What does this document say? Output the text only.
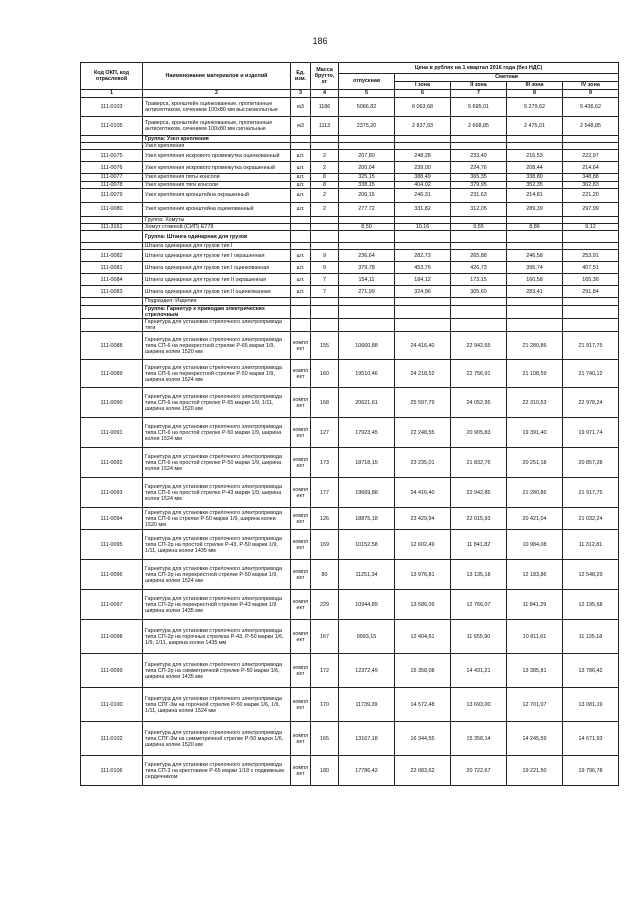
186
Код ОКП, код отраслевой	Наименование материалов и изделий	Ед. изм.	Масса брутто, кг	Цена в рублях на 1 квартал 2016 года (без НДС)				
				отпускная	Сметная			
					I зона	II зона	III зона	IV зона
1	2	3	4	5	6	7	8	9
111-0103	Траверса, кронштейн оцинкованные, пропитанные антисептиком, сечением 100х80 мм высоковольтные	м3	1186	5066,82	6 063,68	5 695,01	5 279,62	5 436,62
111-0105	Траверса, кронштейн оцинкованные, пропитанные антисептиком, сечением 100х80 мм сигнальные	м3	1113	2375,20	2 837,93	2 668,85	2 475,01	2 548,85
	Группа: Узел крепления							
	Узел крепления							
111-0075	Узел крепления искрового промежутка оцинкованный	шт.	2	207,80	248,28	233,49	216,53	222,97
111-0076	Узел крепления искрового промежутка окрашенный	шт.	2	200,04	239,00	224,76	208,44	214,64
111-0077	Узел крепления пяты консоли	шт.	8	325,15	388,49	365,35	338,80	348,88
111-0078	Узел крепления тяги консоли	шт.	8	338,15	404,02	379,95	352,35	362,83
111-0079	Узел крепления кронштейна окрашенный	шт.	2	206,15	246,31	231,63	214,81	221,20
111-0080	Узел крепления кронштейна оцинкованный	шт.	2	277,72	331,82	312,05	289,39	297,99
	Группа: Хомуты							
111-3161	Хомут стяжной (СИП) Е778			8,50	10,16	9,55	8,86	9,12
	Группа: Штанга одинарная для грузов							
	Штанга одинарная для грузов тип I							
111-0082	Штанга одинарная для грузов тип I окрашенная	шт.	9	236,64	282,73	265,88	246,58	253,91
111-0081	Штанга одинарная для грузов тип I оцинкованная	шт.	9	379,78	453,76	426,73	395,74	407,51
111-0084	Штанга одинарная для грузов тип II окрашенная	шт.	7	154,11	184,12	173,15	160,58	165,36
111-0083	Штанга одинарная для грузов тип II оцинкованная	шт.	7	271,99	324,96	305,60	283,41	291,84
	Подраздел: Изделия							
	Группа: Гарнитур к приводам электрических стрелочным							
	Гарнитура для установки стрелочного электропривода тяги							
111-0088	Гарнитура для установки стрелочного электропривода типа СП-6 на перекрестной стрелке Р-65 марки 1/9, ширина колеи 1520 мм	компл ект	155	10660,88	24 416,40	22 942,65	21 280,86	21 917,75
111-0089	Гарнитура для установки стрелочного электропривода типа СП-6 на перекрестной стрелке Р-50 марки 1/9, ширина колеи 1524 мм	компл ект	160	19510,46	24 218,52	22 756,91	21 108,59	21 740,12
111-0090	Гарнитура для установки стрелочного электропривода типа СП-6 на простой стрелке Р-65 марки 1/9, 1/11, ширина колеи 1520 мм	компл ект	168	20621,61	25 597,79	24 052,95	22 310,53	22 978,24
111-0091	Гарнитура для установки стрелочного электропривода типа СП-6 на простой стрелке Р-50 марки 1/9, ширина колеи 1524 мм	компл ект	127	17923,45	22 248,55	20 905,83	19 391,40	19 971,74
111-0092	Гарнитура для установки стрелочного электропривода типа СП-6 на простой стрелке Р-50 марки 1/9, ширина колеи 1524 мм	компл ект	173	18718,15	23 235,01	21 832,76	20 251,18	20 857,28
111-0093	Гарнитура для установки стрелочного электропривода типа СП-6 на простой стрелке Р-43 марки 1/9, ширина колеи 1524 мм	компл ект	177	19669,88	24 416,40	22 942,85	21 280,86	21 917,75
111-0094	Гарнитура для установки стрелочного электропривода типа СП-6 на стрелке Р-50 марки 1/9, ширина колеи 1520 мм	компл ект	126	18875,18	23 429,94	22 015,93	20 421,04	21 032,24
111-0095	Гарнитура для установки стрелочного электропривода типа СП-2р на простой стрелке Р-43, Р-50 марки 1/9, 1/11, ширина колеи 1435 мм	компл ект	169	10152,58	12 602,49	11 841,82	10 984,08	11 312,81
111-0096	Гарнитура для установки стрелочного электропривода типа СП-2р на перекрестной стрелке Р-50 марки 1/9, ширина колеи 1524 мм	компл ект	80	11251,34	13 976,81	13 135,18	12 183,86	12 548,29
111-0097	Гарнитура для установки стрелочного электропривода типа СП-2р на перекрестной стрелке Р-43 марки 1/9 ширина колеи 1435 мм	компл ект	229	10944,89	13 586,09	12 766,07	11 841,29	12 195,68
111-0098	Гарнитура для установки стрелочного электропривода типа СП-2р на горочных стрелках Р-43, Р-50 марки 1/6, 1/9, 1/11, ширина колеи 1435 мм	компл ект	167	9993,15	12 404,61	11 655,90	10 811,61	11 135,18
111-0099	Гарнитура для установки стрелочного электропривода типа СП-2р на симметричной стрелке Р-50 марки 1/6, ширина колеи 1435 мм	компл ект	172	12372,49	15 358,08	14 431,21	13 385,81	13 786,42
111-0100	Гарнитура для установки стрелочного электропривода типа СПГ-3м на горочной стрелке Р-50 марки 1/6, 1/9, 1/11, ширина колеи 1524 мм	компл ект	170	11739,39	14 572,48	13 693,00	12 701,07	13 081,19
111-0102	Гарнитура для установки стрелочного электропривода типа СПГ-3м на симметричной стрелке Р-50 марки 1/6, ширина колеи 1520 мм	компл ект	165	13167,18	16 344,55	15 358,14	14 245,59	14 671,93
111-0106	Гарнитура для установки стрелочного электропривода типа СП-3 на крестовине Р-65 марки 1/18 с подвижным сердечником	компл ект	180	17786,42	22 083,62	20 722,67	19 221,50	19 796,78
